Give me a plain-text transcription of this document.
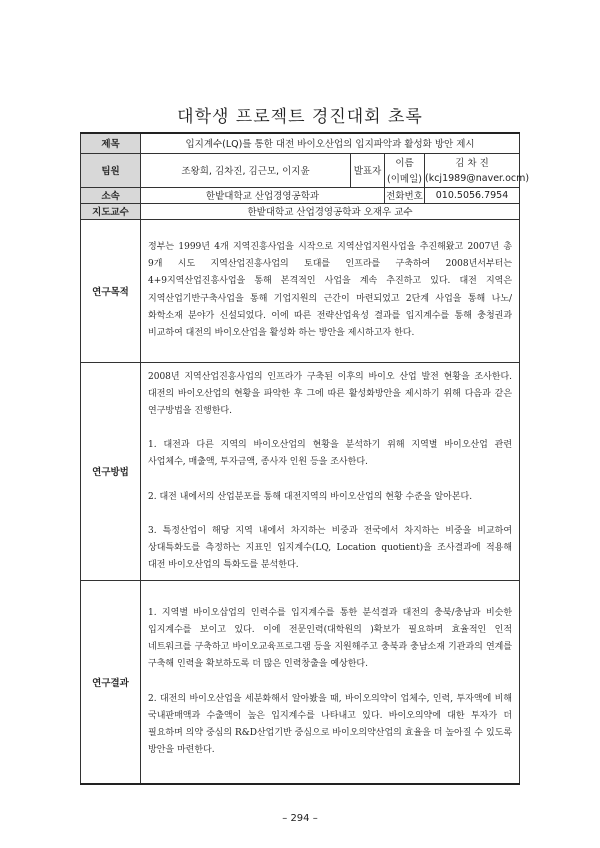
대학생 프로젝트 경진대회 초록
제목	입지계수(LQ)를 통한 대전 바이오산업의 입지파악과 활성화 방안 제시			
팀원	조왕희, 김차진, 김근모, 이지윤	발표자	이름	김 차 진
			(이메일)	(kcj1989@naver.ocm)
소속	한밭대학교 산업경영공학과		전화번호	010.5056.7954
지도교수	한밭대학교 산업경영공학과 오재우 교수			
연구목적	정부는 1999년 4개 지역진흥사업을 시작으로 지역산업지원사업을 추진해왔고 2007년 총 9개 시도 지역산업진흥사업의 토대를 인프라를 구축하여 2008년서부터는 4+9지역산업진흥사업을 통해 본격적인 사업을 계속 추진하고 있다. 대전 지역은 지역산업기반구축사업을 통해 기업지원의 근간이 마련되었고 2단계 사업을 통해 나노/화학소재 분야가 신설되었다. 이에 따른 전략산업육성 결과를 입지계수를 통해 충청권과 비교하여 대전의 바이오산업을 활성화 하는 방안을 제시하고자 한다.			

연구방법	2008년 지역산업진흥사업의 인프라가 구축된 이후의 바이오 산업 발전 현황을 조사한다. 대전의 바이오산업의 현황을 파악한 후 그에 따른 활성화방안을 제시하기 위해 다음과 같은 연구방법을 진행한다.

1. 대전과 다른 지역의 바이오산업의 현황을 분석하기 위해 지역별 바이오산업 관련 사업체수, 매출액, 투자금액, 종사자 인원 등을 조사한다.

2. 대전 내에서의 산업분포를 통해 대전지역의 바이오산업의 현황 수준을 알아본다.

3. 특정산업이 해당 지역 내에서 차지하는 비중과 전국에서 차지하는 비중을 비교하여 상대특화도를 측정하는 지표인 입지계수(LQ, Location quotient)을 조사결과에 적용해 대전 바이오산업의 특화도를 분석한다.			

연구결과	1. 지역별 바이오삽업의 인력수를 입지계수를 통한 분석결과 대전의 충북/충남과 비슷한 입지계수를 보이고 있다. 이에 전문인력(대학원의 )확보가 필요하며 효율적인 인적 네트워크를 구축하고 바이오교육프로그램 등을 지원해주고 충북과 충남소재 기관과의 연계를 구축해 인력을 확보하도록 더 많은 인력창출을 예상한다.

2. 대전의 바이오산업을 세분화해서 알아봤을 때, 바이오의약이 업체수, 인력, 투자액에 비해 국내판매액과 수출액이 높은 입지계수를 나타내고 있다. 바이오의약에 대한 투자가 더 필요하며 의약 중심의 R&D산업기반 중심으로 바이오의약산업의 효율을 더 높아질 수 있도록 방안을 마련한다.			

– 294 –
